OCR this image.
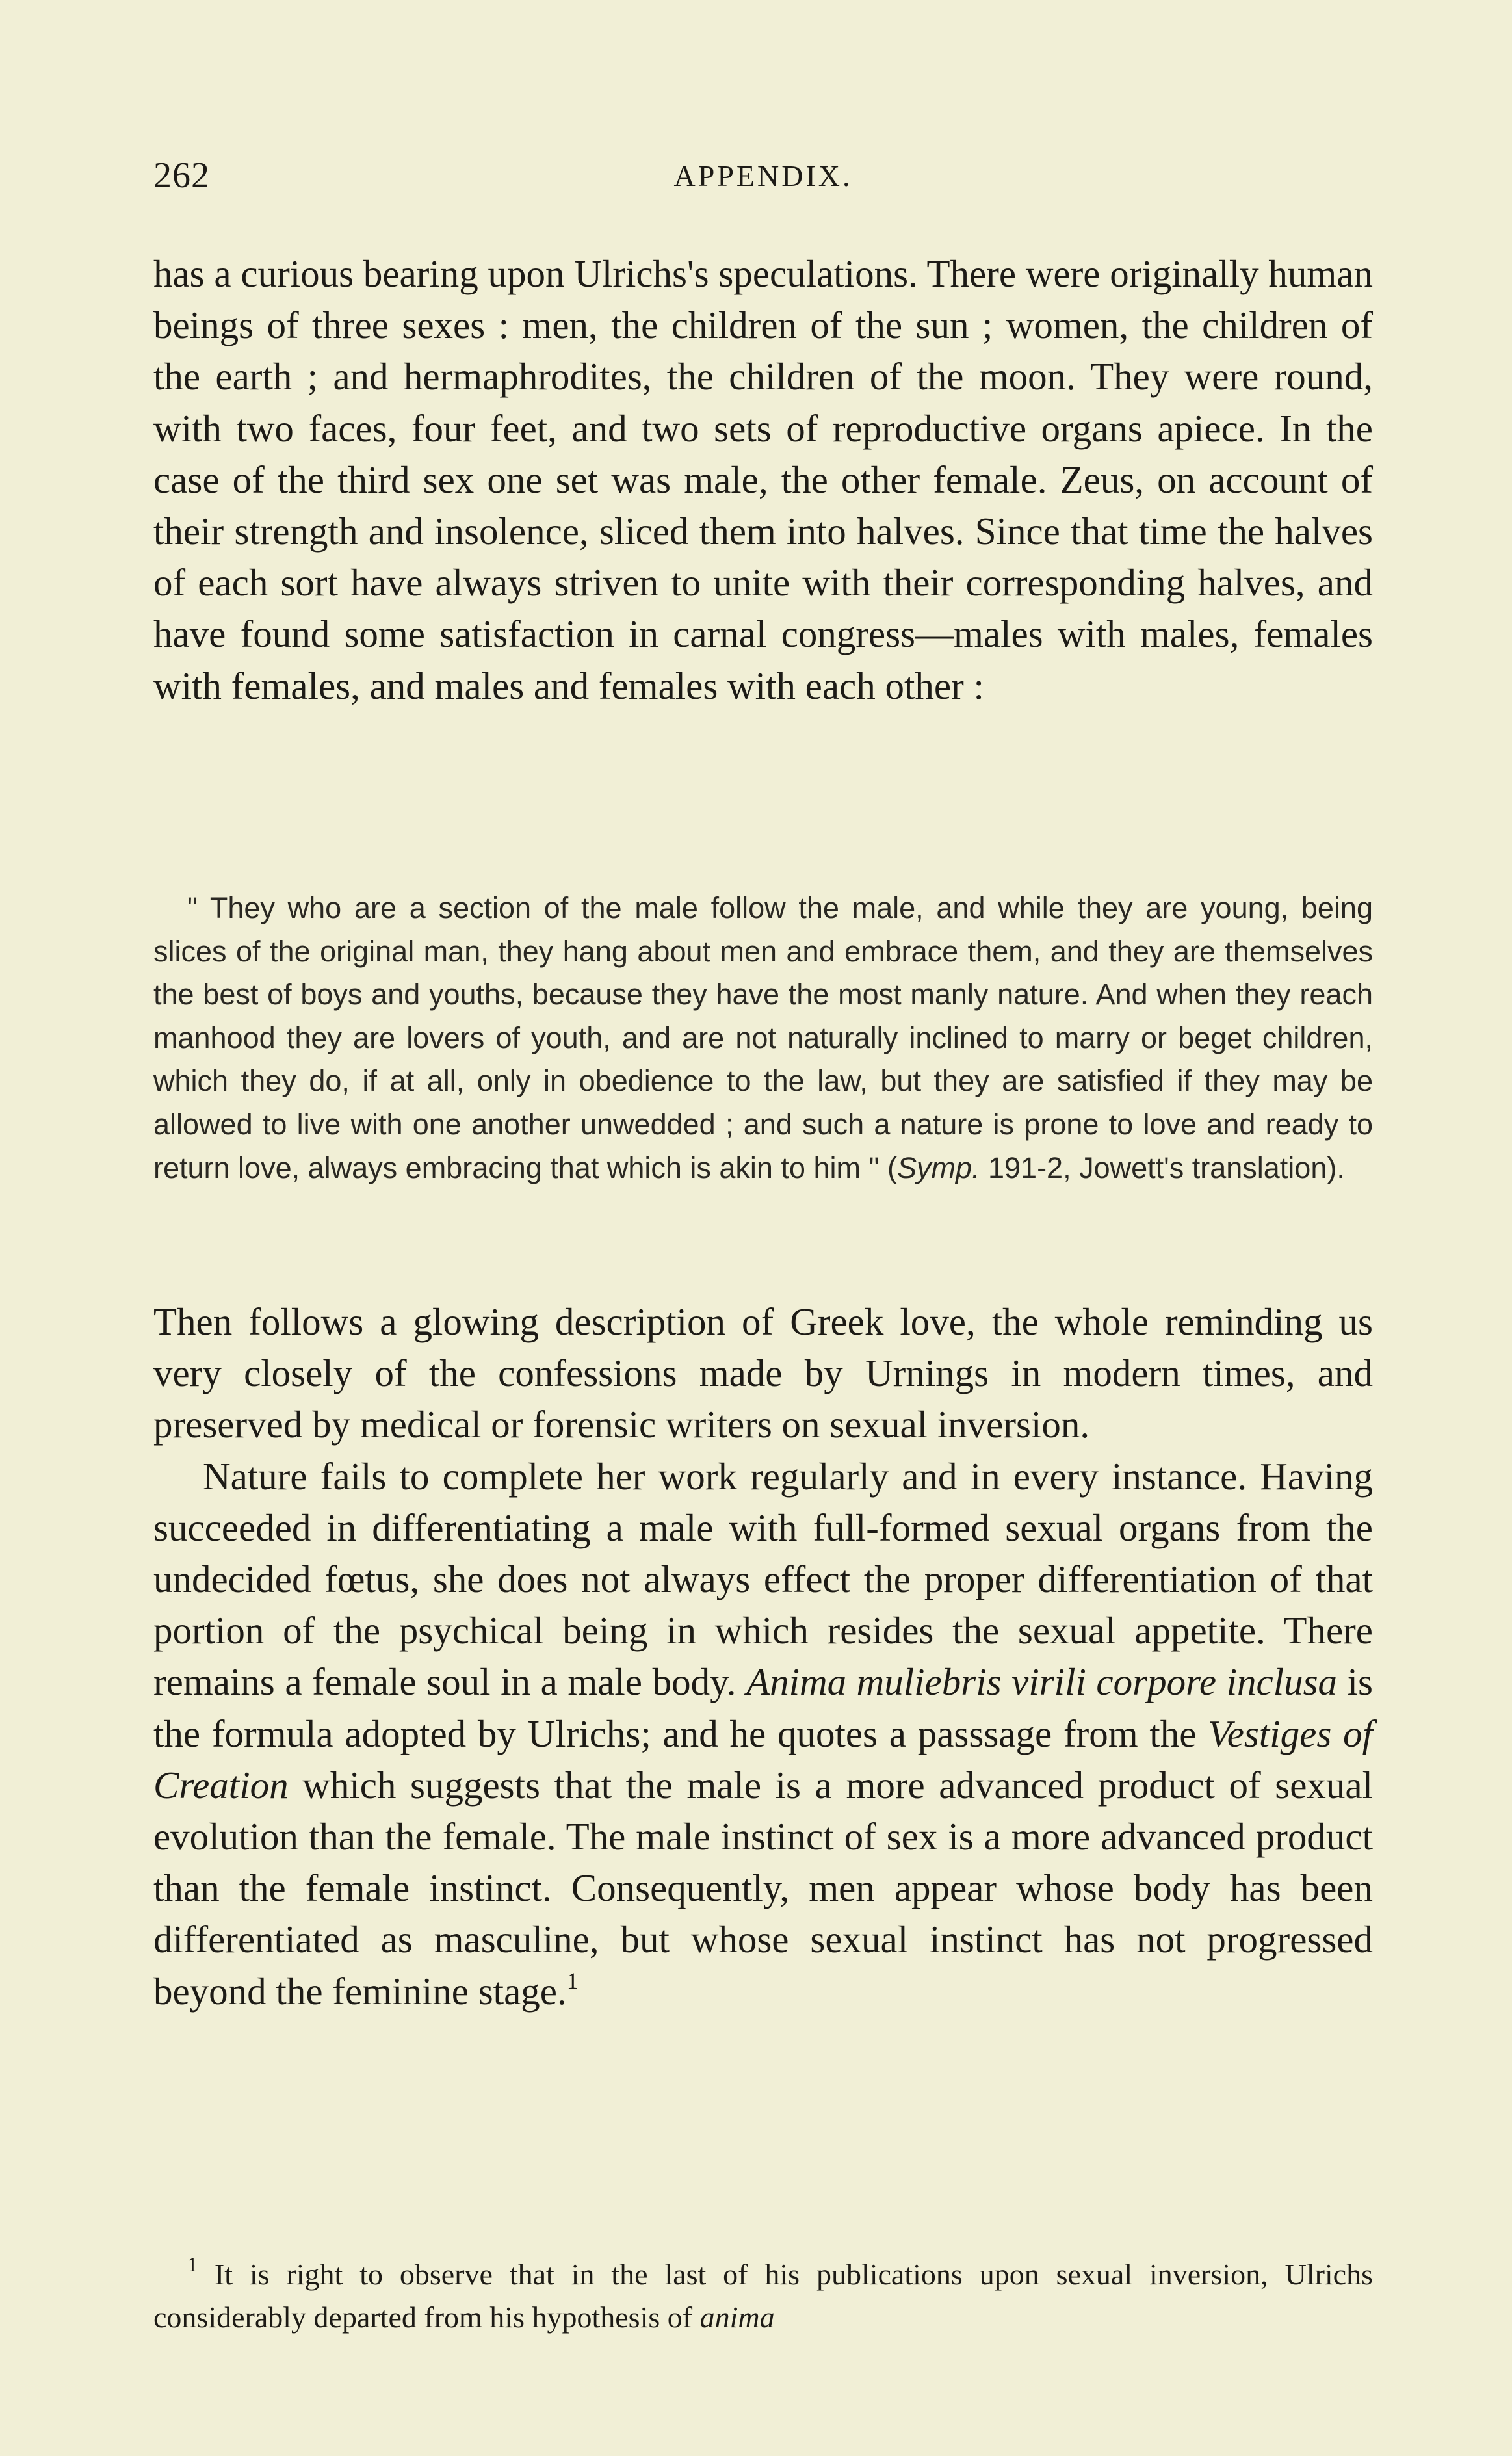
262	APPENDIX.

has a curious bearing upon Ulrichs's speculations. There were originally human beings of three sexes : men, the children of the sun ; women, the children of the earth ; and hermaphrodites, the children of the moon. They were round, with two faces, four feet, and two sets of reproductive organs apiece. In the case of the third sex one set was male, the other female. Zeus, on account of their strength and insolence, sliced them into halves. Since that time the halves of each sort have always striven to unite with their corresponding halves, and have found some satisfaction in carnal congress—males with males, females with females, and males and females with each other :

" They who are a section of the male follow the male, and while they are young, being slices of the original man, they hang about men and embrace them, and they are themselves the best of boys and youths, because they have the most manly nature. And when they reach manhood they are lovers of youth, and are not naturally inclined to marry or beget children, which they do, if at all, only in obedience to the law, but they are satisfied if they may be allowed to live with one another unwedded ; and such a nature is prone to love and ready to return love, always embracing that which is akin to him " (Symp. 191-2, Jowett's translation).

Then follows a glowing description of Greek love, the whole reminding us very closely of the confessions made by Urnings in modern times, and preserved by medical or forensic writers on sexual inversion.

Nature fails to complete her work regularly and in every instance. Having succeeded in differentiating a male with full-formed sexual organs from the undecided fœtus, she does not always effect the proper differentiation of that portion of the psychical being in which resides the sexual appetite. There remains a female soul in a male body. Anima muliebris virili corpore inclusa is the formula adopted by Ulrichs; and he quotes a passsage from the Vestiges of Creation which suggests that the male is a more advanced product of sexual evolution than the female. The male instinct of sex is a more advanced product than the female instinct. Consequently, men appear whose body has been differentiated as masculine, but whose sexual instinct has not progressed beyond the feminine stage.$^1$

$^1$ It is right to observe that in the last of his publications upon sexual inversion, Ulrichs considerably departed from his hypothesis of anima
